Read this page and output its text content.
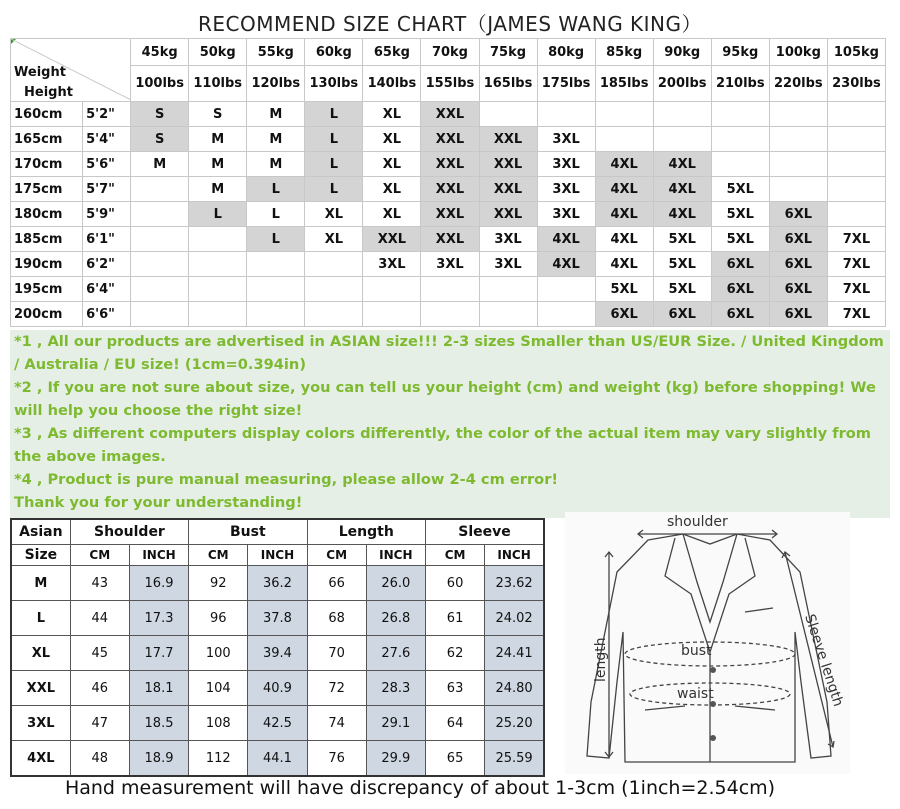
RECOMMEND SIZE CHART（JAMES WANG KING）
Weight
Height		45kg	50kg	55kg	60kg	65kg	70kg	75kg	80kg	85kg	90kg	95kg	100kg	105kg
		100lbs	110lbs	120lbs	130lbs	140lbs	155lbs	165lbs	175lbs	185lbs	200lbs	210lbs	220lbs	230lbs
160cm	5'2"	S	S	M	L	XL	XXL							
165cm	5'4"	S	M	M	L	XL	XXL	XXL	3XL					
170cm	5'6"	M	M	M	L	XL	XXL	XXL	3XL	4XL	4XL			
175cm	5'7"		M	L	L	XL	XXL	XXL	3XL	4XL	4XL	5XL		
180cm	5'9"		L	L	XL	XL	XXL	XXL	3XL	4XL	4XL	5XL	6XL	
185cm	6'1"			L	XL	XXL	XXL	3XL	4XL	4XL	5XL	5XL	6XL	7XL
190cm	6'2"					3XL	3XL	3XL	4XL	4XL	5XL	6XL	6XL	7XL
195cm	6'4"									5XL	5XL	6XL	6XL	7XL
200cm	6'6"									6XL	6XL	6XL	6XL	7XL
*1 , All our products are advertised in ASIAN size!!! 2-3 sizes Smaller than US/EUR Size. / United Kingdom
/ Australia / EU size! (1cm=0.394in)
*2 , If you are not sure about size, you can tell us your height (cm) and weight (kg) before shopping! We
will help you choose the right size!
*3 , As different computers display colors differently, the color of the actual item may vary slightly from
the above images.
*4 , Product is pure manual measuring, please allow 2-4 cm error!
Thank you for your understanding!
Asian	Shoulder		Bust		Length		Sleeve	
Size	CM	INCH	CM	INCH	CM	INCH	CM	INCH
M	43	16.9	92	36.2	66	26.0	60	23.62
L	44	17.3	96	37.8	68	26.8	61	24.02
XL	45	17.7	100	39.4	70	27.6	62	24.41
XXL	46	18.1	104	40.9	72	28.3	63	24.80
3XL	47	18.5	108	42.5	74	29.1	64	25.20
4XL	48	18.9	112	44.1	76	29.9	65	25.59
shoulder
length	bust
waist	Sleeve length
Hand measurement will have discrepancy of about 1-3cm (1inch=2.54cm)
